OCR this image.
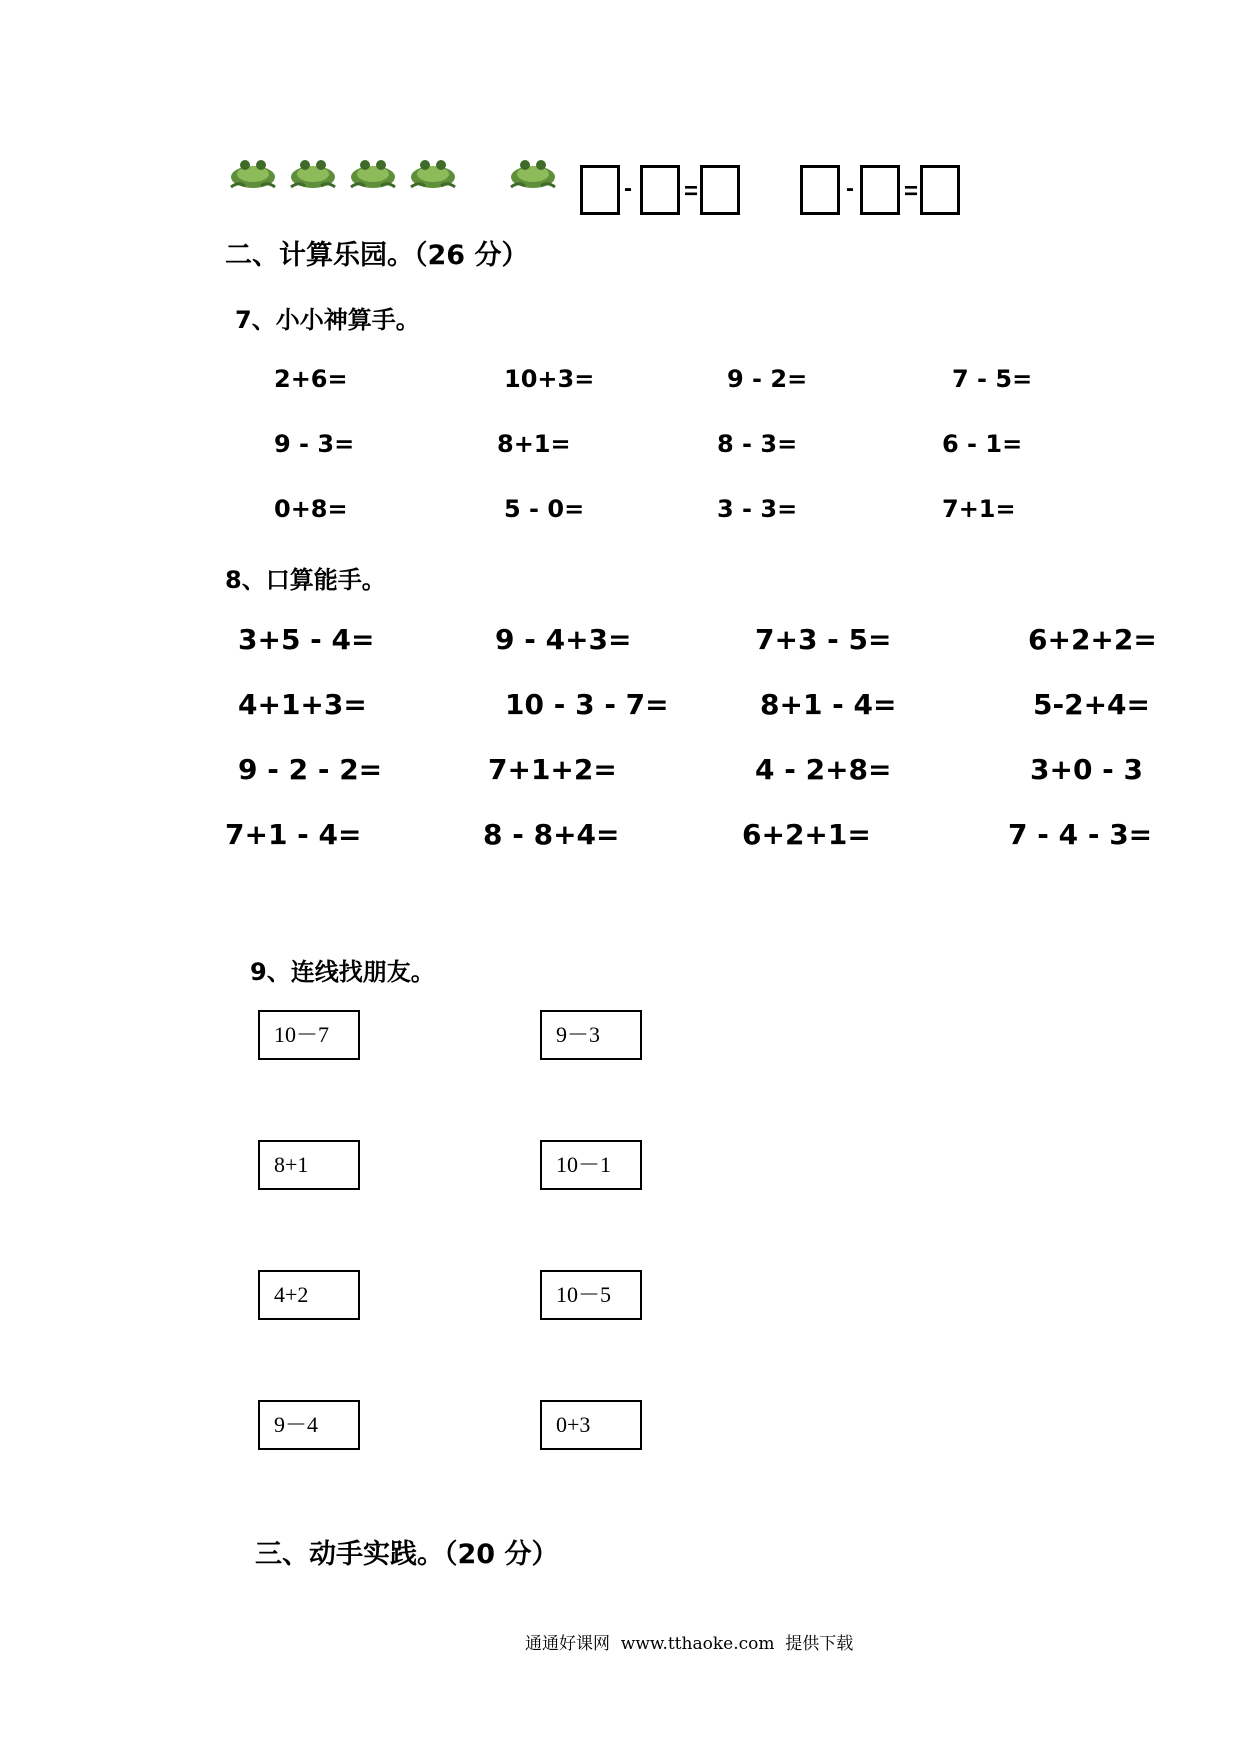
- =	- =
二、计算乐园。（26 分）
7、小小神算手。
2+6=	10+3=	9 - 2=	7 - 5=
9 - 3=	8+1=	8 - 3=	6 - 1=
0+8=	5 - 0=	3 - 3=	7+1=
8、口算能手。
3+5 - 4=	9 - 4+3=	7+3 - 5=	6+2+2=
4+1+3=	10 - 3 - 7=	8+1 - 4=	5-2+4=
9 - 2 - 2=	7+1+2=	4 - 2+8=	3+0 - 3
7+1 - 4=	8 - 8+4=	6+2+1=	7 - 4 - 3=
9、连线找朋友。
10－7
8+1
4+2
9－4
9－3
10－1
10－5
0+3
三、动手实践。（20 分）
通通好课网  www.tthaoke.com  提供下载
